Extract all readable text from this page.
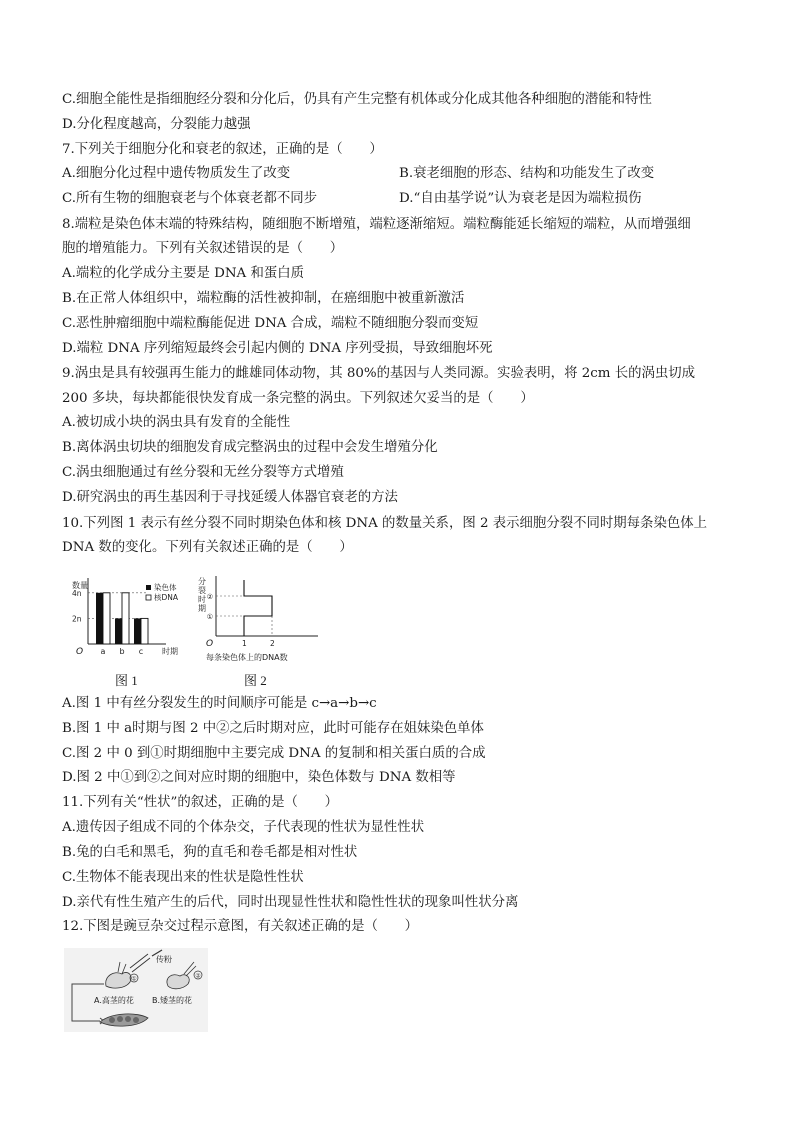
C.细胞全能性是指细胞经分裂和分化后，仍具有产生完整有机体或分化成其他各种细胞的潜能和特性
D.分化程度越高，分裂能力越强
7.下列关于细胞分化和衰老的叙述，正确的是（　　）
A.细胞分化过程中遗传物质发生了改变	B.衰老细胞的形态、结构和功能发生了改变
C.所有生物的细胞衰老与个体衰老都不同步	D.“自由基学说”认为衰老是因为端粒损伤
8.端粒是染色体末端的特殊结构，随细胞不断增殖，端粒逐渐缩短。端粒酶能延长缩短的端粒，从而增强细
胞的增殖能力。下列有关叙述错误的是（　　）
A.端粒的化学成分主要是 DNA 和蛋白质
B.在正常人体组织中，端粒酶的活性被抑制，在癌细胞中被重新激活
C.恶性肿瘤细胞中端粒酶能促进 DNA 合成，端粒不随细胞分裂而变短
D.端粒 DNA 序列缩短最终会引起内侧的 DNA 序列受损，导致细胞坏死
9.涡虫是具有较强再生能力的雌雄同体动物，其 80%的基因与人类同源。实验表明，将 2cm 长的涡虫切成
200 多块，每块都能很快发育成一条完整的涡虫。下列叙述欠妥当的是（　　）
A.被切成小块的涡虫具有发育的全能性
B.离体涡虫切块的细胞发育成完整涡虫的过程中会发生增殖分化
C.涡虫细胞通过有丝分裂和无丝分裂等方式增殖
D.研究涡虫的再生基因利于寻找延缓人体器官衰老的方法
10.下列图 1 表示有丝分裂不同时期染色体和核 DNA 的数量关系，图 2 表示细胞分裂不同时期每条染色体上
DNA 数的变化。下列有关叙述正确的是（　　）
数量
时期
O
4n
2n
a b c
染色体
核DNA
图 1
分
裂
时
期
O	1	2
每条染色体上的DNA数
②
①
图 2
A.图 1 中有丝分裂发生的时间顺序可能是 c→a→b→c
B.图 1 中 a时期与图 2 中②之后时期对应，此时可能存在姐妹染色单体
C.图 2 中 0 到①时期细胞中主要完成 DNA 的复制和相关蛋白质的合成
D.图 2 中①到②之间对应时期的细胞中，染色体数与 DNA 数相等
11.下列有关“性状”的叙述，正确的是（　　）
A.遗传因子组成不同的个体杂交，子代表现的性状为显性性状
B.兔的白毛和黑毛，狗的直毛和卷毛都是相对性状
C.生物体不能表现出来的性状是隐性性状
D.亲代有性生殖产生的后代，同时出现显性性状和隐性性状的现象叫性状分离
12.下图是豌豆杂交过程示意图，有关叙述正确的是（　　）
①
传粉
②
A.高茎的花 B.矮茎的花
